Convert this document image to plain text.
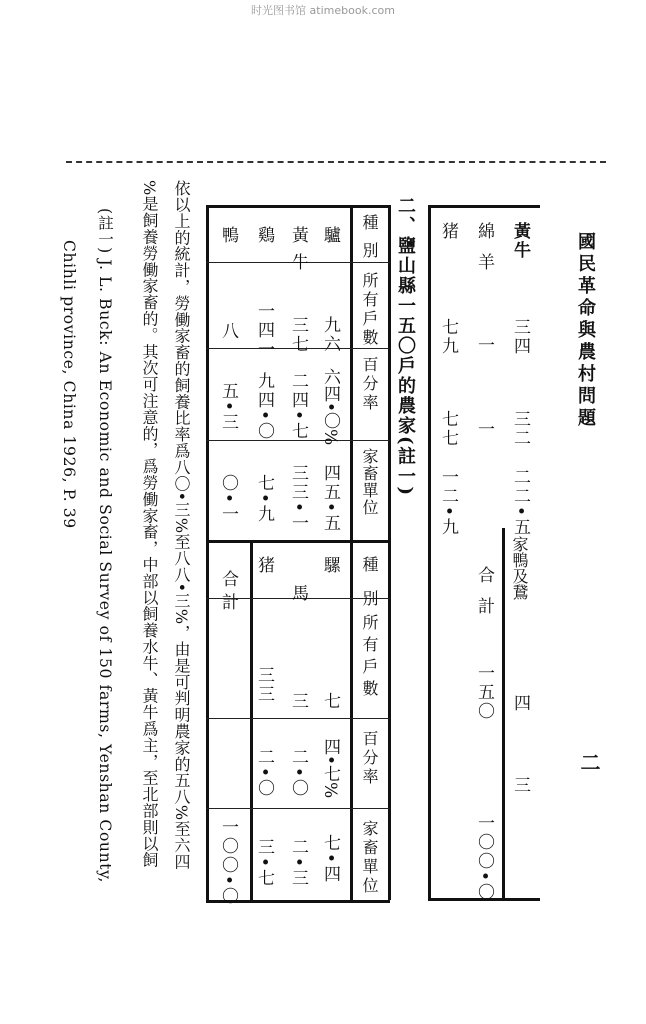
时光图书馆 atimebook.com
國民革命與農村問題
二
黃牛
三四
三二
二二•五
綿羊
一
一
猪
七九
七七
一二•九
家鴨及鵞
四
三
合計
一五〇
一〇〇•〇
二、鹽山縣一五〇戶的農家(註一)
種別
所有戶數
百分率
家畜單位
種別
所有戶數
百分率
家畜單位
驢
九六
六四•〇%
四五•五
黃牛
三七
二四•七
三三•一
鷄
一四一
九四•〇
七•九
鴨
八
五•三
〇•一
騾
七
四•七%
七•四
馬
三
二•〇
二•三
猪
三三
二•〇
三•七
合計
一〇〇•〇
依以上的統計，勞働家畜的飼養比率爲八〇•三%至八八•三%，由是可判明農家的五八%至六四
%是飼養勞働家畜的。其次可注意的，爲勞働家畜，中部以飼養水牛、黃牛爲主，至北部則以飼
(註一) J. L. Buck: An Economic and Social Survey of 150 farms, Yenshan County,
Chihli province, China 1926, P. 39
